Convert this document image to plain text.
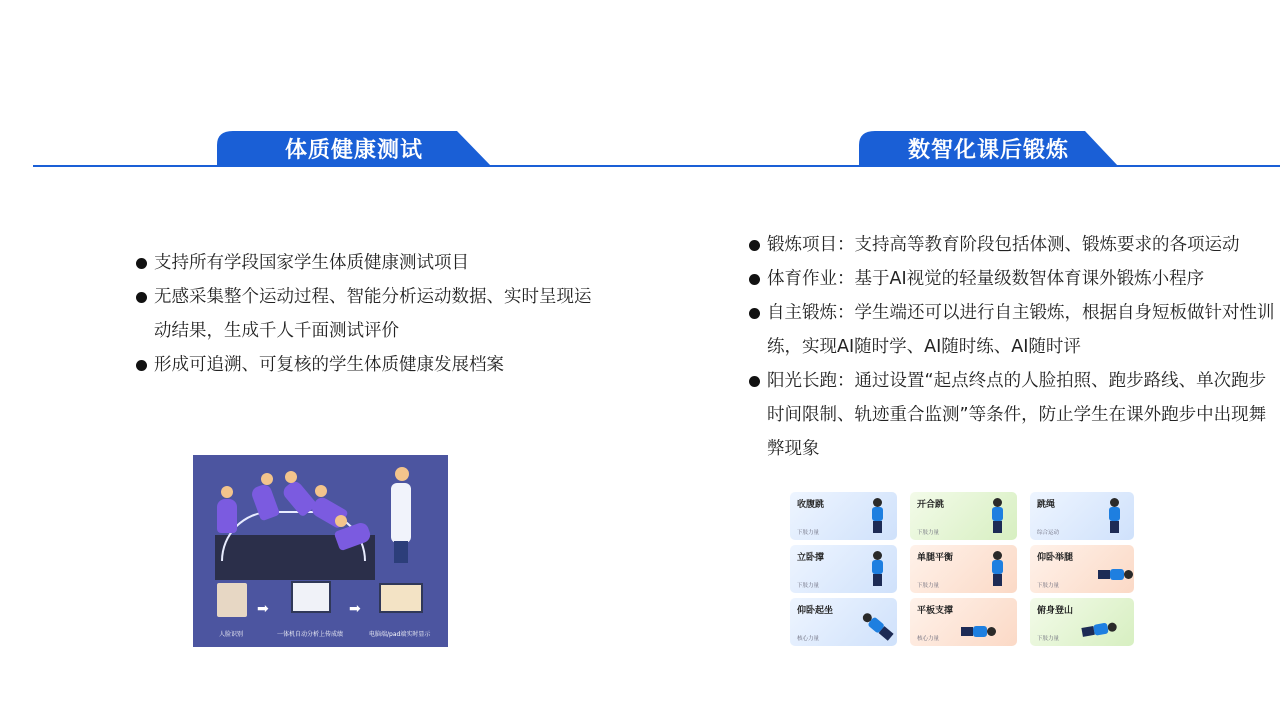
体质健康测试	数智化课后锻炼
支持所有学段国家学生体质健康测试项目
无感采集整个运动过程、智能分析运动数据、实时呈现运动结果，生成千人千面测试评价
形成可追溯、可复核的学生体质健康发展档案
锻炼项目：支持高等教育阶段包括体测、锻炼要求的各项运动
体育作业：基于AI视觉的轻量级数智体育课外锻炼小程序
自主锻炼：学生端还可以进行自主锻炼，根据自身短板做针对性训练，实现AI随时学、AI随时练、AI随时评
阳光长跑：通过设置“起点终点的人脸拍照、跑步路线、单次跑步时间限制、轨迹重合监测”等条件，防止学生在课外跑步中出现舞弊现象
➡	➡
人脸识别	一体机自动分析上传成绩	电脑端/pad端实时显示
收腹跳
下肢力量
开合跳
下肢力量
跳绳
综合运动
立卧撑
下肢力量
单腿平衡
下肢力量
仰卧举腿
下肢力量
仰卧起坐
核心力量
平板支撑
核心力量
俯身登山
下肢力量
